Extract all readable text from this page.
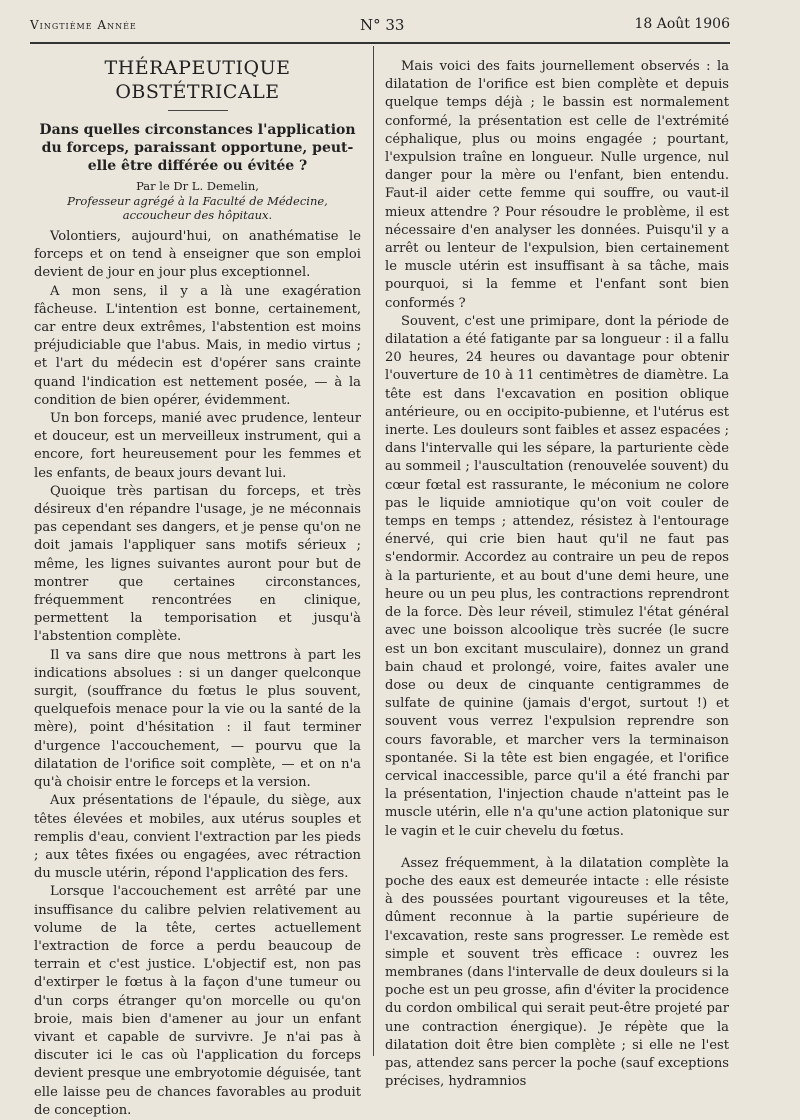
Vingtième Année	N° 33	18 Août 1906

THÉRAPEUTIQUE OBSTÉTRICALE

Dans quelles circonstances l'application du forceps, paraissant opportune, peut-elle être différée ou évitée ?

Par le Dr L. Demelin,

Professeur agrégé à la Faculté de Médecine, accoucheur des hôpitaux.

Volontiers, aujourd'hui, on anathématise le forceps et on tend à enseigner que son emploi devient de jour en jour plus exceptionnel.

A mon sens, il y a là une exagération fâcheuse. L'intention est bonne, certainement, car entre deux extrêmes, l'abstention est moins préjudiciable que l'abus. Mais, in medio virtus ; et l'art du médecin est d'opérer sans crainte quand l'indication est nettement posée, — à la condition de bien opérer, évidemment.

Un bon forceps, manié avec prudence, lenteur et douceur, est un merveilleux instrument, qui a encore, fort heureusement pour les femmes et les enfants, de beaux jours devant lui.

Quoique très partisan du forceps, et très désireux d'en répandre l'usage, je ne méconnais pas cependant ses dangers, et je pense qu'on ne doit jamais l'appliquer sans motifs sérieux ; même, les lignes suivantes auront pour but de montrer que certaines circonstances, fréquemment rencontrées en clinique, permettent la temporisation et jusqu'à l'abstention complète.

Il va sans dire que nous mettrons à part les indications absolues : si un danger quelconque surgit, (souffrance du fœtus le plus souvent, quelquefois menace pour la vie ou la santé de la mère), point d'hésitation : il faut terminer d'urgence l'accouchement, — pourvu que la dilatation de l'orifice soit complète, — et on n'a qu'à choisir entre le forceps et la version.

Aux présentations de l'épaule, du siège, aux têtes élevées et mobiles, aux utérus souples et remplis d'eau, convient l'extraction par les pieds ; aux têtes fixées ou engagées, avec rétraction du muscle utérin, répond l'application des fers.

Lorsque l'accouchement est arrêté par une insuffisance du calibre pelvien relativement au volume de la tête, certes actuellement l'extraction de force a perdu beaucoup de terrain et c'est justice. L'objectif est, non pas d'extirper le fœtus à la façon d'une tumeur ou d'un corps étranger qu'on morcelle ou qu'on broie, mais bien d'amener au jour un enfant vivant et capable de survivre. Je n'ai pas à discuter ici le cas où l'application du forceps devient presque une embryotomie déguisée, tant elle laisse peu de chances favorables au produit de conception.

Mais voici des faits journellement observés : la dilatation de l'orifice est bien complète et depuis quelque temps déjà ; le bassin est normalement conformé, la présentation est celle de l'extrémité céphalique, plus ou moins engagée ; pourtant, l'expulsion traîne en longueur. Nulle urgence, nul danger pour la mère ou l'enfant, bien entendu. Faut-il aider cette femme qui souffre, ou vaut-il mieux attendre ? Pour résoudre le problème, il est nécessaire d'en analyser les données. Puisqu'il y a arrêt ou lenteur de l'expulsion, bien certainement le muscle utérin est insuffisant à sa tâche, mais pourquoi, si la femme et l'enfant sont bien conformés ?

Souvent, c'est une primipare, dont la période de dilatation a été fatigante par sa longueur : il a fallu 20 heures, 24 heures ou davantage pour obtenir l'ouverture de 10 à 11 centimètres de diamètre. La tête est dans l'excavation en position oblique antérieure, ou en occipito-pubienne, et l'utérus est inerte. Les douleurs sont faibles et assez espacées ; dans l'intervalle qui les sépare, la parturiente cède au sommeil ; l'auscultation (renouvelée souvent) du cœur fœtal est rassurante, le méconium ne colore pas le liquide amniotique qu'on voit couler de temps en temps ; attendez, résistez à l'entourage énervé, qui crie bien haut qu'il ne faut pas s'endormir. Accordez au contraire un peu de repos à la parturiente, et au bout d'une demi heure, une heure ou un peu plus, les contractions reprendront de la force. Dès leur réveil, stimulez l'état général avec une boisson alcoolique très sucrée (le sucre est un bon excitant musculaire), donnez un grand bain chaud et prolongé, voire, faites avaler une dose ou deux de cinquante centigrammes de sulfate de quinine (jamais d'ergot, surtout !) et souvent vous verrez l'expulsion reprendre son cours favorable, et marcher vers la terminaison spontanée. Si la tête est bien engagée, et l'orifice cervical inaccessible, parce qu'il a été franchi par la présentation, l'injection chaude n'atteint pas le muscle utérin, elle n'a qu'une action platonique sur le vagin et le cuir chevelu du fœtus.

Assez fréquemment, à la dilatation complète la poche des eaux est demeurée intacte : elle résiste à des poussées pourtant vigoureuses et la tête, dûment reconnue à la partie supérieure de l'excavation, reste sans progresser. Le remède est simple et souvent très efficace : ouvrez les membranes (dans l'intervalle de deux douleurs si la poche est un peu grosse, afin d'éviter la procidence du cordon ombilical qui serait peut-être projeté par une contraction énergique). Je répète que la dilatation doit être bien complète ; si elle ne l'est pas, attendez sans percer la poche (sauf exceptions précises, hydramnios
